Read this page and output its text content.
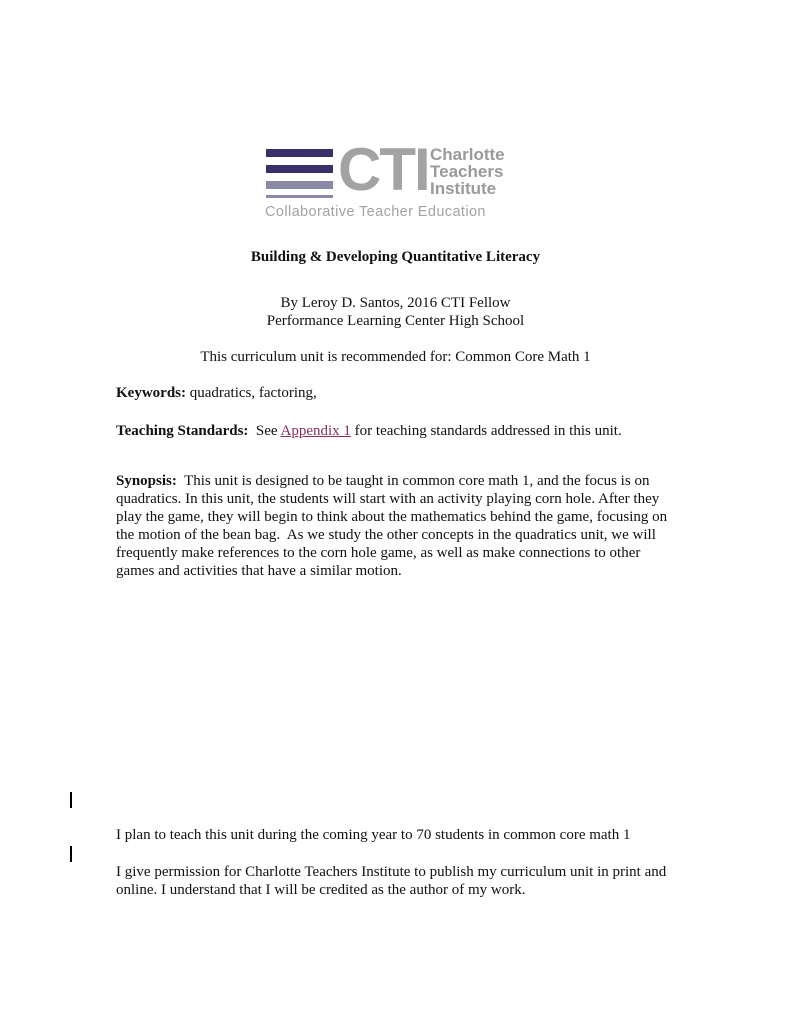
CTI Charlotte
Teachers
Institute
Collaborative Teacher Education
Building & Developing Quantitative Literacy
By Leroy D. Santos, 2016 CTI Fellow
Performance Learning Center High School
This curriculum unit is recommended for: Common Core Math 1
Keywords: quadratics, factoring,
Teaching Standards:  See Appendix 1 for teaching standards addressed in this unit.
Synopsis:  This unit is designed to be taught in common core math 1, and the focus is on quadratics. In this unit, the students will start with an activity playing corn hole. After they play the game, they will begin to think about the mathematics behind the game, focusing on the motion of the bean bag.  As we study the other concepts in the quadratics unit, we will frequently make references to the corn hole game, as well as make connections to other games and activities that have a similar motion.
I plan to teach this unit during the coming year to 70 students in common core math 1
I give permission for Charlotte Teachers Institute to publish my curriculum unit in print and online. I understand that I will be credited as the author of my work.
